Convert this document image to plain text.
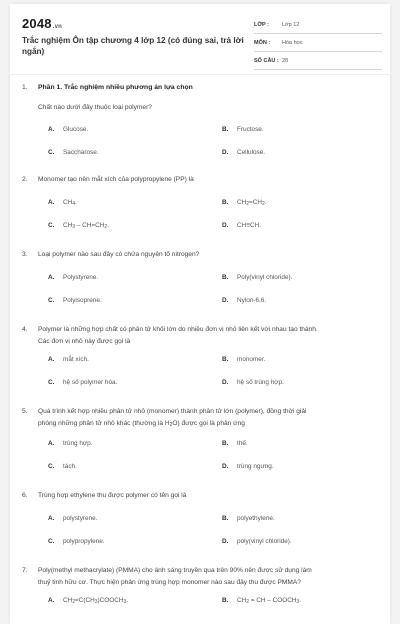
2048.vn
Trắc nghiệm Ôn tập chương 4 lớp 12 (có đúng sai, trả lời ngắn)
LỚP :	Lớp 12
MÔN :	Hóa học
SỐ CÂU : 28
1. Phần 1. Trắc nghiệm nhiều phương án lựa chọn
Chất nào dưới đây thuộc loại polymer?
A. Glucose.	B. Fructose.
C. Saccharose.	D. Cellulose.
2. Monomer tạo nên mắt xích của polypropylene (PP) là
A. $CH_4$.	B. $CH_2=CH_2$.
C. $CH_3 - CH=CH_2$.	D. CH≡CH.
3. Loại polymer nào sau đây có chứa nguyên tố nitrogen?
A. Polystyrene.	B. Poly(vinyl chloride).
C. Polyisoprene.	D. Nylon-6,6.
4. Polymer là những hợp chất có phân tử khối lớn do nhiều đơn vị nhỏ liên kết với nhau tạo thành.
Các đơn vị nhỏ này được gọi là
A. mắt xích.	B. monomer.
C. hệ số polymer hóa.	D. hệ số trùng hợp.
5. Quá trình kết hợp nhiều phân tử nhỏ (monomer) thành phân tử lớn (polymer), đồng thời giải
phóng những phân tử nhỏ khác (thường là $H_2O$) được gọi là phản ứng
A. trùng hợp.	B. thế.
C. tách.	D. trùng ngưng.
6. Trùng hợp ethylene thu được polymer có tên gọi là
A. polystyrene.	B. polyethylene.
C. polypropylene.	D. poly(vinyl chloride).
7. Poly(methyl methacrylate) (PMMA) cho ánh sáng truyền qua trên 90% nên được sử dụng làm
thuỷ tinh hữu cơ. Thực hiện phản ứng trùng hợp monomer nào sau đây thu được PMMA?
A. $CH_2=C(CH_3)COOCH_3$.	B. $CH_2$ = CH – $COOCH_3$.
